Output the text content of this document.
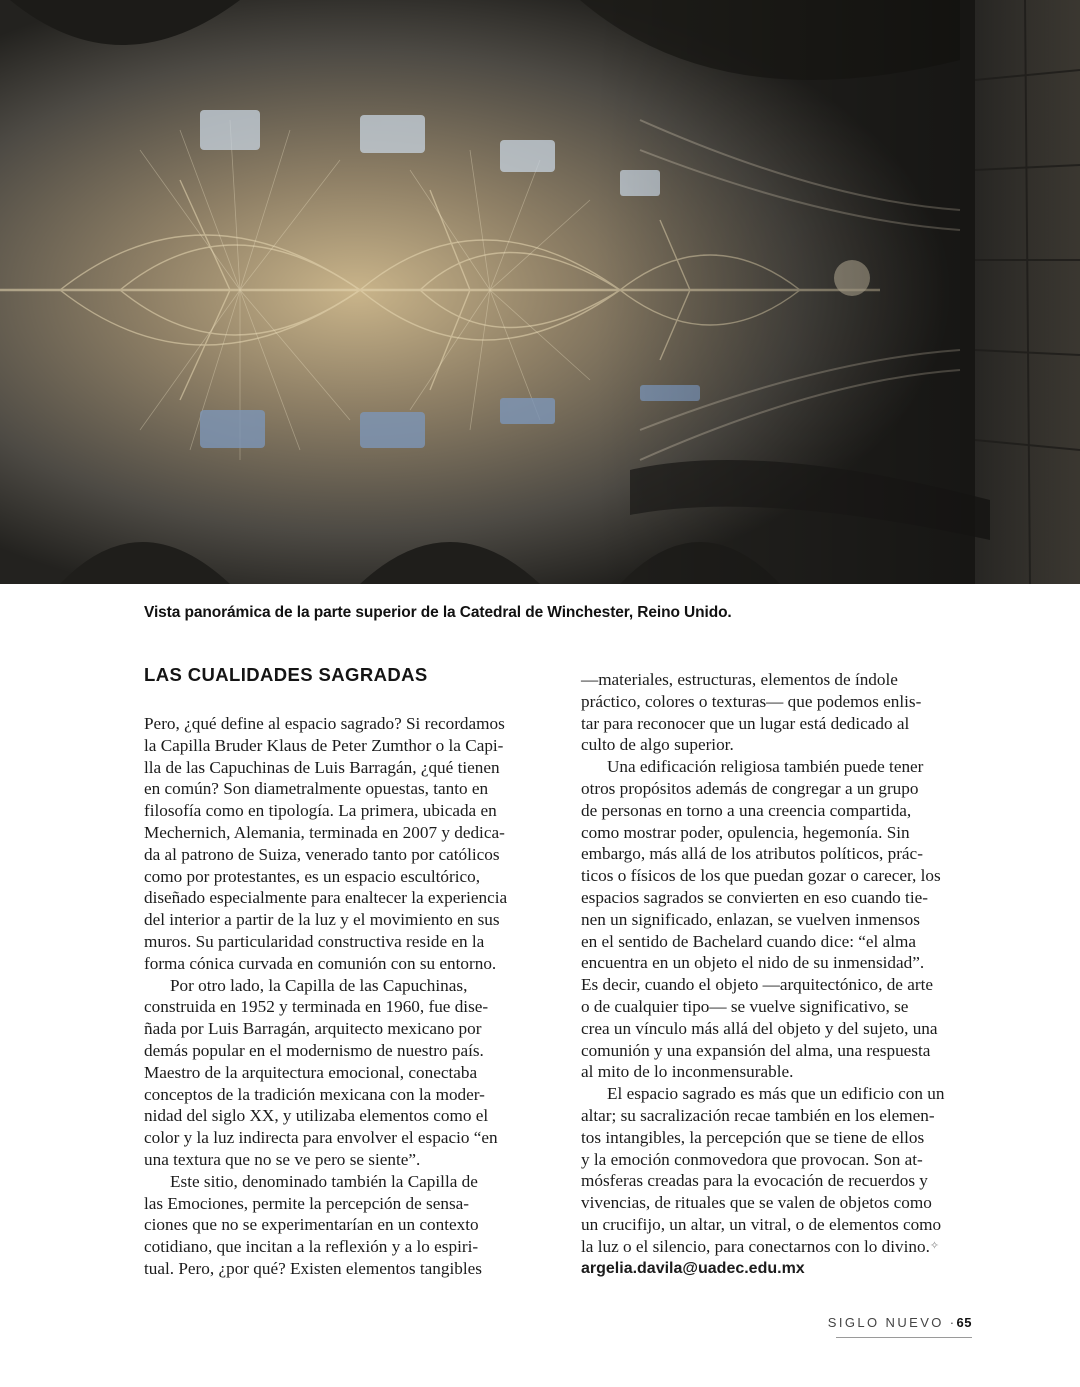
Vista panorámica de la parte superior de la Catedral de Winchester, Reino Unido.
LAS CUALIDADES SAGRADAS
Pero, ¿qué define al espacio sagrado? Si recordamos
la Capilla Bruder Klaus de Peter Zumthor o la Capi-
lla de las Capuchinas de Luis Barragán, ¿qué tienen
en común? Son diametralmente opuestas, tanto en
filosofía como en tipología. La primera, ubicada en
Mechernich, Alemania, terminada en 2007 y dedica-
da al patrono de Suiza, venerado tanto por católicos
como por protestantes, es un espacio escultórico,
diseñado especialmente para enaltecer la experiencia
del interior a partir de la luz y el movimiento en sus
muros. Su particularidad constructiva reside en la
forma cónica curvada en comunión con su entorno.
Por otro lado, la Capilla de las Capuchinas,
construida en 1952 y terminada en 1960, fue dise-
ñada por Luis Barragán, arquitecto mexicano por
demás popular en el modernismo de nuestro país.
Maestro de la arquitectura emocional, conectaba
conceptos de la tradición mexicana con la moder-
nidad del siglo XX, y utilizaba elementos como el
color y la luz indirecta para envolver el espacio “en
una textura que no se ve pero se siente”.
Este sitio, denominado también la Capilla de
las Emociones, permite la percepción de sensa-
ciones que no se experimentarían en un contexto
cotidiano, que incitan a la reflexión y a lo espiri-
tual. Pero, ¿por qué? Existen elementos tangibles
—materiales, estructuras, elementos de índole
práctico, colores o texturas— que podemos enlis-
tar para reconocer que un lugar está dedicado al
culto de algo superior.
Una edificación religiosa también puede tener
otros propósitos además de congregar a un grupo
de personas en torno a una creencia compartida,
como mostrar poder, opulencia, hegemonía. Sin
embargo, más allá de los atributos políticos, prác-
ticos o físicos de los que puedan gozar o carecer, los
espacios sagrados se convierten en eso cuando tie-
nen un significado, enlazan, se vuelven inmensos
en el sentido de Bachelard cuando dice: “el alma
encuentra en un objeto el nido de su inmensidad”.
Es decir, cuando el objeto —arquitectónico, de arte
o de cualquier tipo— se vuelve significativo, se
crea un vínculo más allá del objeto y del sujeto, una
comunión y una expansión del alma, una respuesta
al mito de lo inconmensurable.
El espacio sagrado es más que un edificio con un
altar; su sacralización recae también en los elemen-
tos intangibles, la percepción que se tiene de ellos
y la emoción conmovedora que provocan. Son at-
mósferas creadas para la evocación de recuerdos y
vivencias, de rituales que se valen de objetos como
un crucifijo, un altar, un vitral, o de elementos como
la luz o el silencio, para conectarnos con lo divino.✧
argelia.davila@uadec.edu.mx
SIGLO NUEVO ·65
